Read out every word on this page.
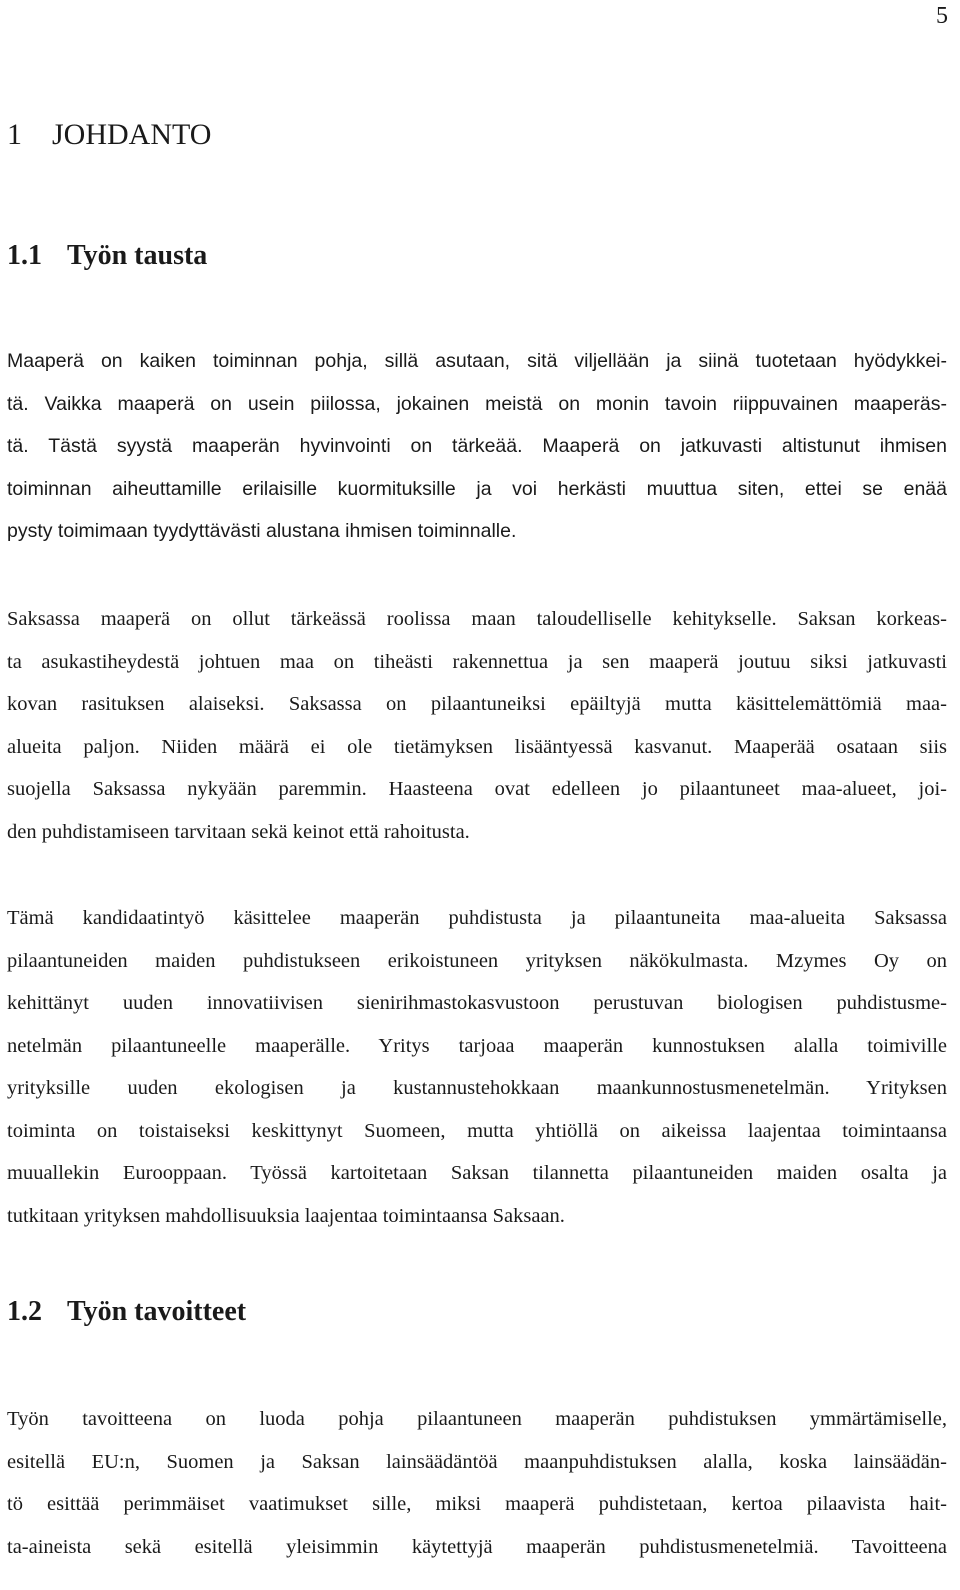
5
1 JOHDANTO
1.1 Työn tausta
Maaperä on kaiken toiminnan pohja, sillä asutaan, sitä viljellään ja siinä tuotetaan hyödykkei-
tä. Vaikka maaperä on usein piilossa, jokainen meistä on monin tavoin riippuvainen maaperäs-
tä. Tästä syystä maaperän hyvinvointi on tärkeää. Maaperä on jatkuvasti altistunut ihmisen
toiminnan aiheuttamille erilaisille kuormituksille ja voi herkästi muuttua siten, ettei se enää
pysty toimimaan tyydyttävästi alustana ihmisen toiminnalle.
Saksassa maaperä on ollut tärkeässä roolissa maan taloudelliselle kehitykselle. Saksan korkeas-
ta asukastiheydestä johtuen maa on tiheästi rakennettua ja sen maaperä joutuu siksi jatkuvasti
kovan rasituksen alaiseksi. Saksassa on pilaantuneiksi epäiltyjä mutta käsittelemättömiä maa-
alueita paljon. Niiden määrä ei ole tietämyksen lisääntyessä kasvanut. Maaperää osataan siis
suojella Saksassa nykyään paremmin. Haasteena ovat edelleen jo pilaantuneet maa-alueet, joi-
den puhdistamiseen tarvitaan sekä keinot että rahoitusta.
Tämä kandidaatintyö käsittelee maaperän puhdistusta ja pilaantuneita maa-alueita Saksassa
pilaantuneiden maiden puhdistukseen erikoistuneen yrityksen näkökulmasta. Mzymes Oy on
kehittänyt uuden innovatiivisen sienirihmastokasvustoon perustuvan biologisen puhdistusme-
netelmän pilaantuneelle maaperälle. Yritys tarjoaa maaperän kunnostuksen alalla toimiville
yrityksille uuden ekologisen ja kustannustehokkaan maankunnostusmenetelmän. Yrityksen
toiminta on toistaiseksi keskittynyt Suomeen, mutta yhtiöllä on aikeissa laajentaa toimintaansa
muuallekin Eurooppaan. Työssä kartoitetaan Saksan tilannetta pilaantuneiden maiden osalta ja
tutkitaan yrityksen mahdollisuuksia laajentaa toimintaansa Saksaan.
1.2 Työn tavoitteet
Työn tavoitteena on luoda pohja pilaantuneen maaperän puhdistuksen ymmärtämiselle,
esitellä EU:n, Suomen ja Saksan lainsäädäntöä maanpuhdistuksen alalla, koska lainsäädän-
tö esittää perimmäiset vaatimukset sille, miksi maaperä puhdistetaan, kertoa pilaavista hait-
ta-aineista sekä esitellä yleisimmin käytettyjä maaperän puhdistusmenetelmiä. Tavoitteena
